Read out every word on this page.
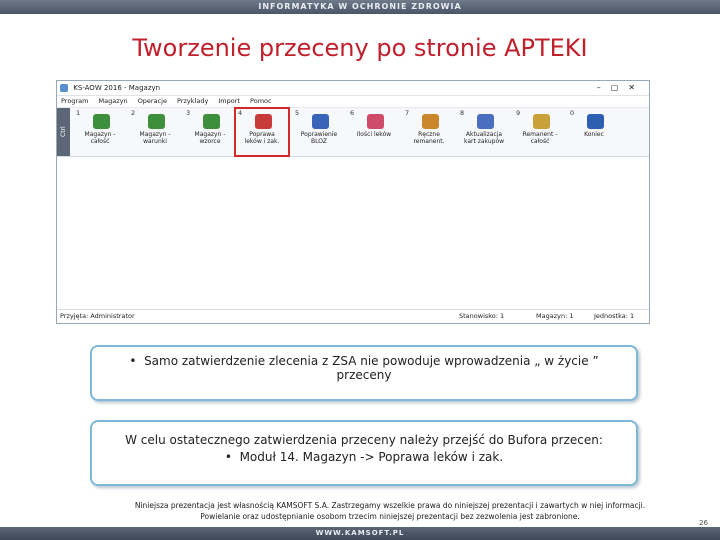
INFORMATYKA W OCHRONIE ZDROWIA
Tworzenie przeceny po stronie APTEKI
KS-AOW 2016 - Magazyn	–▢✕
Program Magazyn Operacje Przyklady Import Pomoc
Ctrl
1
Magazyn -
całość
2
Magazyn -
warunki
3
Magazyn -
wzorce
4
Poprawa
leków i zak.
5
Poprawienie
BLOZ
6
Ilości leków
7
Ręczne
remanent.
8
Aktualizacja
kart zakupów
9
Remanent -
całość
0
Koniec
Przyjęta: Administrator	Stanowisko: 1	Magazyn: 1	Jednostka: 1

• Samo zatwierdzenie zlecenia z ZSA nie powoduje wprowadzenia „ w życie ”

przeceny

W celu ostatecznego zatwierdzenia przeceny należy przejść do Bufora przecen:

• Moduł 14. Magazyn -> Poprawa leków i zak.

Niniejsza prezentacja jest własnością KAMSOFT S.A. Zastrzegamy wszelkie prawa do niniejszej prezentacji i zawartych w niej informacji.
Powielanie oraz udostępnianie osobom trzecim niniejszej prezentacji bez zezwolenia jest zabronione.
26
WWW.KAMSOFT.PL
